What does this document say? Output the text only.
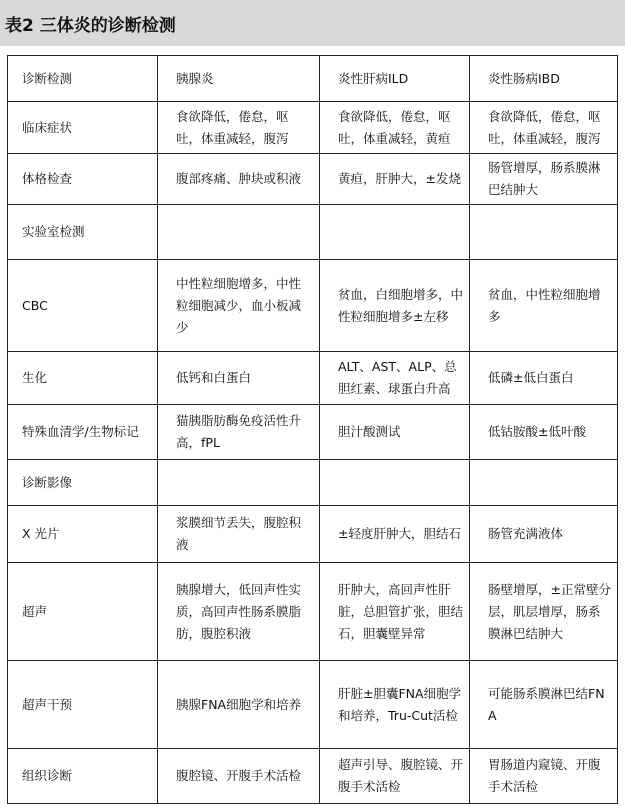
表2 三体炎的诊断检测
诊断检测	胰腺炎	炎性肝病ILD	炎性肠病IBD
临床症状	食欲降低，倦怠，呕吐，体重减轻，腹泻	食欲降低，倦怠，呕吐，体重减轻，黄疸	食欲降低，倦怠，呕吐，体重减轻，腹泻
体格检查	腹部疼痛、肿块或积液	黄疸，肝肿大，±发烧	肠管增厚，肠系膜淋巴结肿大
实验室检测			
CBC	中性粒细胞增多，中性粒细胞减少，血小板减少	贫血，白细胞增多，中性粒细胞增多±左移	贫血，中性粒细胞增多
生化	低钙和白蛋白	ALT、AST、ALP、总胆红素、球蛋白升高	低磷±低白蛋白
特殊血清学/生物标记	猫胰脂肪酶免疫活性升高，fPL	胆汁酸测试	低钴胺酸±低叶酸
诊断影像			
X 光片	浆膜细节丢失，腹腔积液	±轻度肝肿大，胆结石	肠管充满液体
超声	胰腺增大，低回声性实质，高回声性肠系膜脂肪，腹腔积液	肝肿大，高回声性肝脏，总胆管扩张，胆结石，胆囊壁异常	肠壁增厚，±正常壁分层，肌层增厚，肠系膜淋巴结肿大
超声干预	胰腺FNA细胞学和培养	肝脏±胆囊FNA细胞学和培养，Tru-Cut活检	可能肠系膜淋巴结FNA
组织诊断	腹腔镜、开腹手术活检	超声引导、腹腔镜、开腹手术活检	胃肠道内窥镜、开腹手术活检
